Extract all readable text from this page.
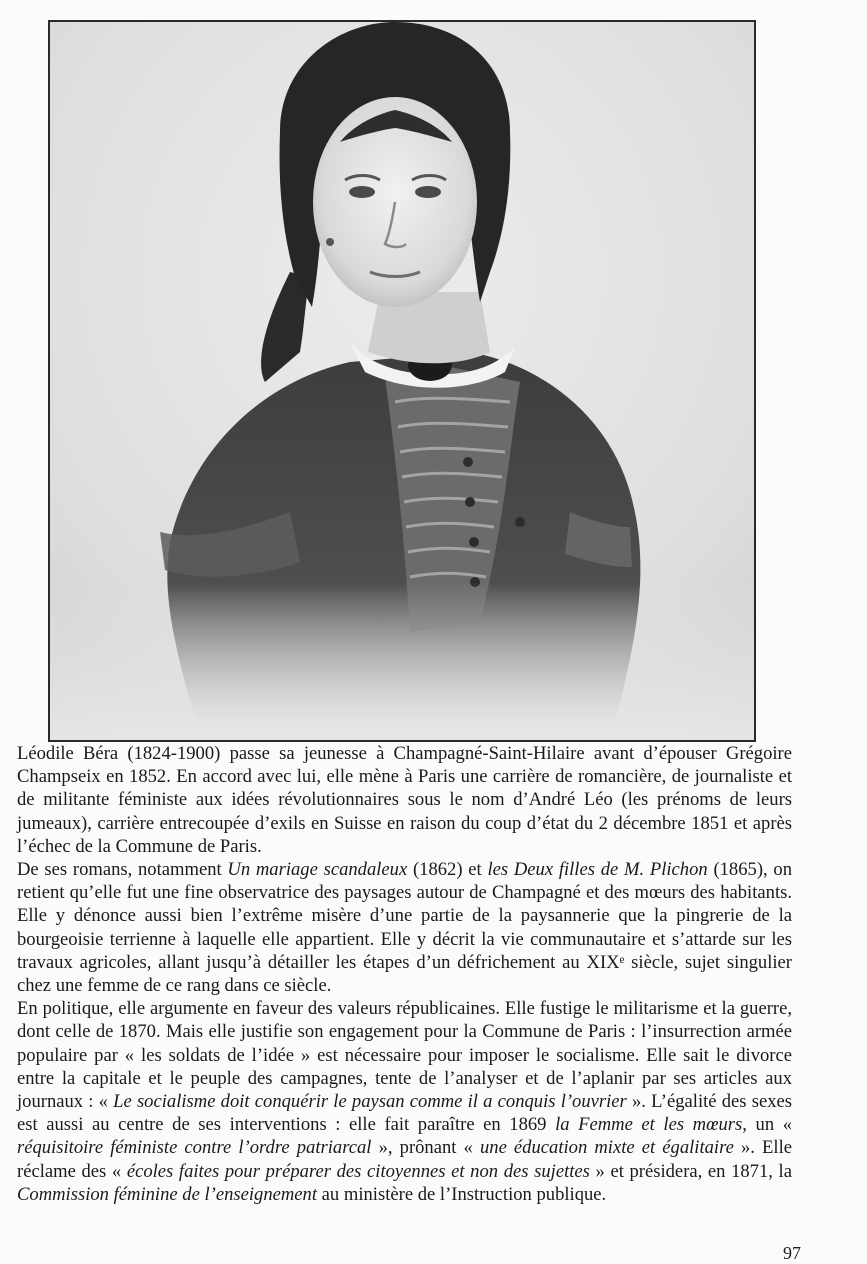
Léodile Béra (1824-1900) passe sa jeunesse à Champagné-Saint-Hilaire avant d’épouser Grégoire Champseix en 1852. En accord avec lui, elle mène à Paris une carrière de romancière, de journaliste et de militante féministe aux idées révolutionnaires sous le nom d’André Léo (les prénoms de leurs jumeaux), carrière entrecoupée d’exils en Suisse en raison du coup d’état du 2 décembre 1851 et après l’échec de la Commune de Paris.

De ses romans, notamment Un mariage scandaleux (1862) et les Deux filles de M. Plichon (1865), on retient qu’elle fut une fine observatrice des paysages autour de Champagné et des mœurs des habitants. Elle y dénonce aussi bien l’extrême misère d’une partie de la paysannerie que la pingrerie de la bourgeoisie terrienne à laquelle elle appartient. Elle y décrit la vie communautaire et s’attarde sur les travaux agricoles, allant jusqu’à détailler les étapes d’un défrichement au XIXᵉ siècle, sujet singulier chez une femme de ce rang dans ce siècle.

En politique, elle argumente en faveur des valeurs républicaines. Elle fustige le militarisme et la guerre, dont celle de 1870. Mais elle justifie son engagement pour la Commune de Paris : l’insurrection armée populaire par « les soldats de l’idée » est nécessaire pour imposer le socialisme. Elle sait le divorce entre la capitale et le peuple des campagnes, tente de l’analyser et de l’aplanir par ses articles aux journaux : « Le socialisme doit conquérir le paysan comme il a conquis l’ouvrier ». L’égalité des sexes est aussi au centre de ses interventions : elle fait paraître en 1869 la Femme et les mœurs, un « réquisitoire féministe contre l’ordre patriarcal », prônant « une éducation mixte et égalitaire ». Elle réclame des « écoles faites pour préparer des citoyennes et non des sujettes » et présidera, en 1871, la Commission féminine de l’enseignement au ministère de l’Instruction publique.

97
